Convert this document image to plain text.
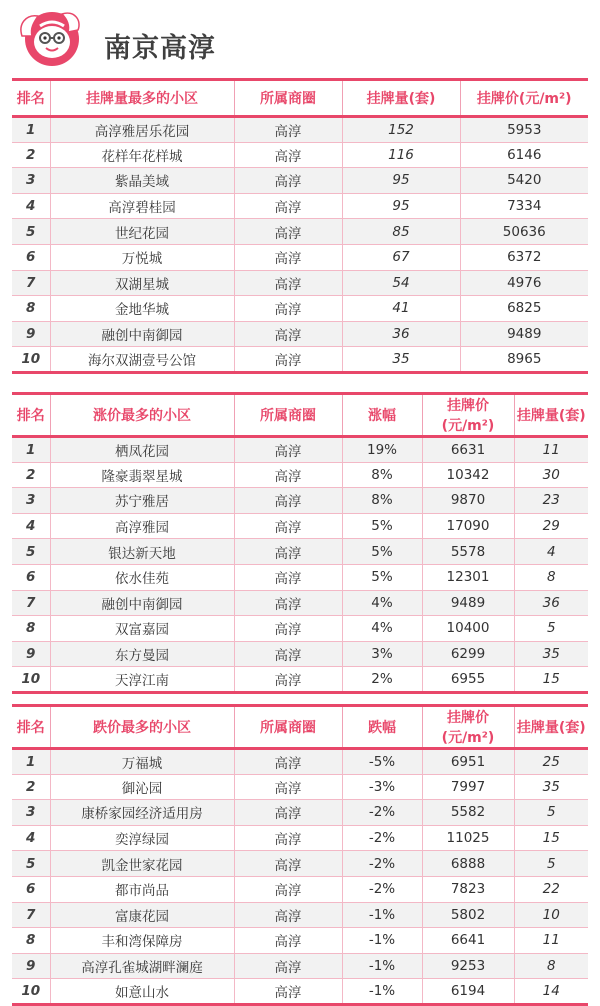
南京高淳
排名	挂牌量最多的小区	所属商圈	挂牌量(套)	挂牌价(元/m²)
1	高淳雅居乐花园	高淳	152	5953
2	花样年花样城	高淳	116	6146
3	紫晶美域	高淳	95	5420
4	高淳碧桂园	高淳	95	7334
5	世纪花园	高淳	85	50636
6	万悦城	高淳	67	6372
7	双湖星城	高淳	54	4976
8	金地华城	高淳	41	6825
9	融创中南御园	高淳	36	9489
10	海尔双湖壹号公馆	高淳	35	8965
排名	涨价最多的小区	所属商圈	涨幅	挂牌价(元/m²)	挂牌量(套)
1	栖凤花园	高淳	19%	6631	11
2	隆豪翡翠星城	高淳	8%	10342	30
3	苏宁雅居	高淳	8%	9870	23
4	高淳雅园	高淳	5%	17090	29
5	银达新天地	高淳	5%	5578	4
6	依水佳苑	高淳	5%	12301	8
7	融创中南御园	高淳	4%	9489	36
8	双富嘉园	高淳	4%	10400	5
9	东方曼园	高淳	3%	6299	35
10	天淳江南	高淳	2%	6955	15
排名	跌价最多的小区	所属商圈	跌幅	挂牌价(元/m²)	挂牌量(套)
1	万福城	高淳	-5%	6951	25
2	御沁园	高淳	-3%	7997	35
3	康桥家园经济适用房	高淳	-2%	5582	5
4	奕淳绿园	高淳	-2%	11025	15
5	凯金世家花园	高淳	-2%	6888	5
6	都市尚品	高淳	-2%	7823	22
7	富康花园	高淳	-1%	5802	10
8	丰和湾保障房	高淳	-1%	6641	11
9	高淳孔雀城湖畔澜庭	高淳	-1%	9253	8
10	如意山水	高淳	-1%	6194	14
